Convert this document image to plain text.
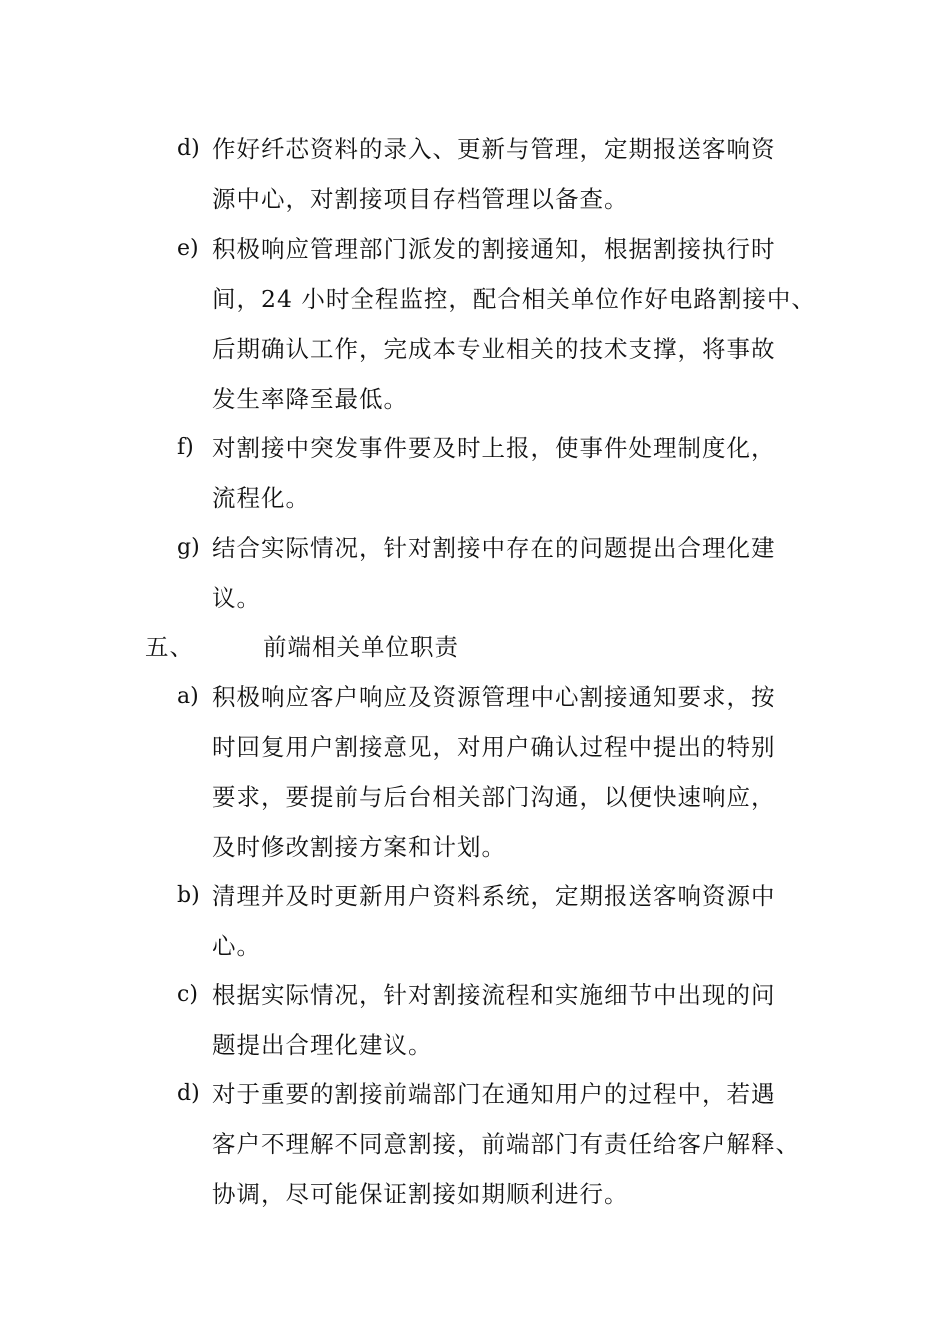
d) 作好纤芯资料的录入、更新与管理，定期报送客响资
源中心，对割接项目存档管理以备查。
e) 积极响应管理部门派发的割接通知，根据割接执行时
间，24 小时全程监控，配合相关单位作好电路割接中、
后期确认工作，完成本专业相关的技术支撑，将事故
发生率降至最低。
f) 对割接中突发事件要及时上报，使事件处理制度化，
流程化。
g) 结合实际情况，针对割接中存在的问题提出合理化建
议。
五、	前端相关单位职责
a) 积极响应客户响应及资源管理中心割接通知要求，按
时回复用户割接意见，对用户确认过程中提出的特别
要求，要提前与后台相关部门沟通，以便快速响应，
及时修改割接方案和计划。
b) 清理并及时更新用户资料系统，定期报送客响资源中
心。
c) 根据实际情况，针对割接流程和实施细节中出现的问
题提出合理化建议。
d) 对于重要的割接前端部门在通知用户的过程中，若遇
客户不理解不同意割接，前端部门有责任给客户解释、
协调，尽可能保证割接如期顺利进行。
